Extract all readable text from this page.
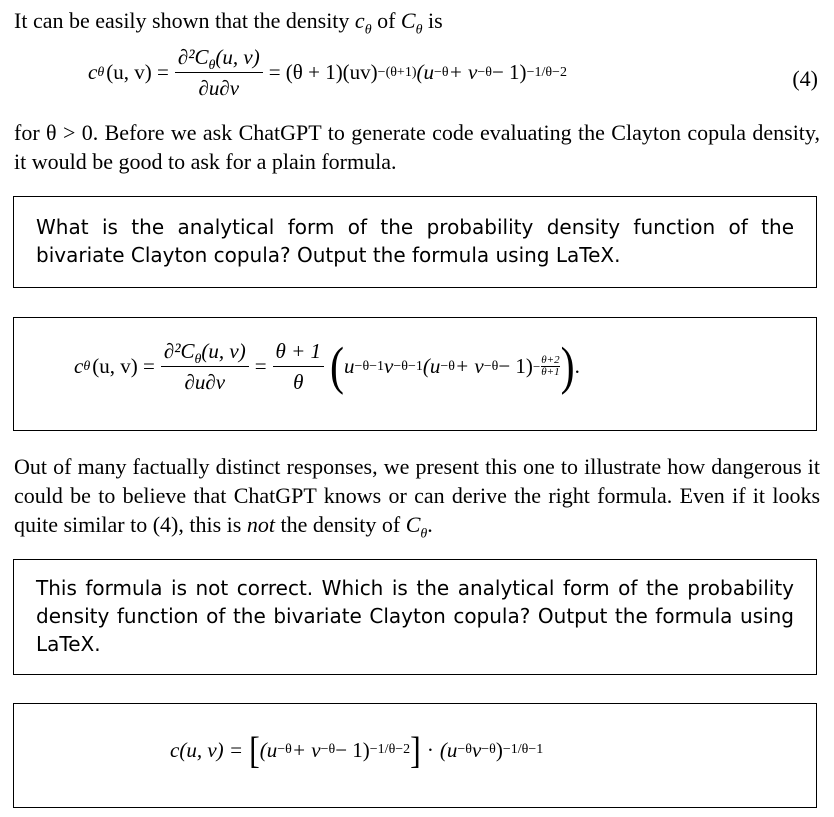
It can be easily shown that the density $c_\theta$ of $C_\theta$ is
c θ (u, $v) = \frac{\partial^2C_\theta(u, v)}{\partial u\partial v} = (\theta + 1)(uv) -(\theta+1)$ (u −θ + v −θ − 1) −1/θ−2	(4)
for θ > 0. Before we ask ChatGPT to generate code evaluating the Clayton copula density, it would be good to ask for a plain formula.
What is the analytical form of the probability density function of the bivariate Clayton copula? Output the formula using LaTeX.
c θ (u, $v) = \frac{\partial^2C_\theta(u, v)}{\partial u\partial v} = \frac{\theta + 1}{\theta}$ ( u −θ−1 v −θ−1 $(u -\theta + v -\theta - 1) - \frac{\theta+2}{\theta+1}$ ) .
Out of many factually distinct responses, we present this one to illustrate how dangerous it could be to believe that ChatGPT knows or can derive the right formula. Even if it looks quite similar to (4), this is not the density of $C_\theta$.
This formula is not correct. Which is the analytical form of the probability density function of the bivariate Clayton copula? Output the formula using LaTeX.
c(u, v) = [ (u −θ + v −θ − 1) −1/θ−2 ] · (u −θ v −θ ) −1/θ−1
